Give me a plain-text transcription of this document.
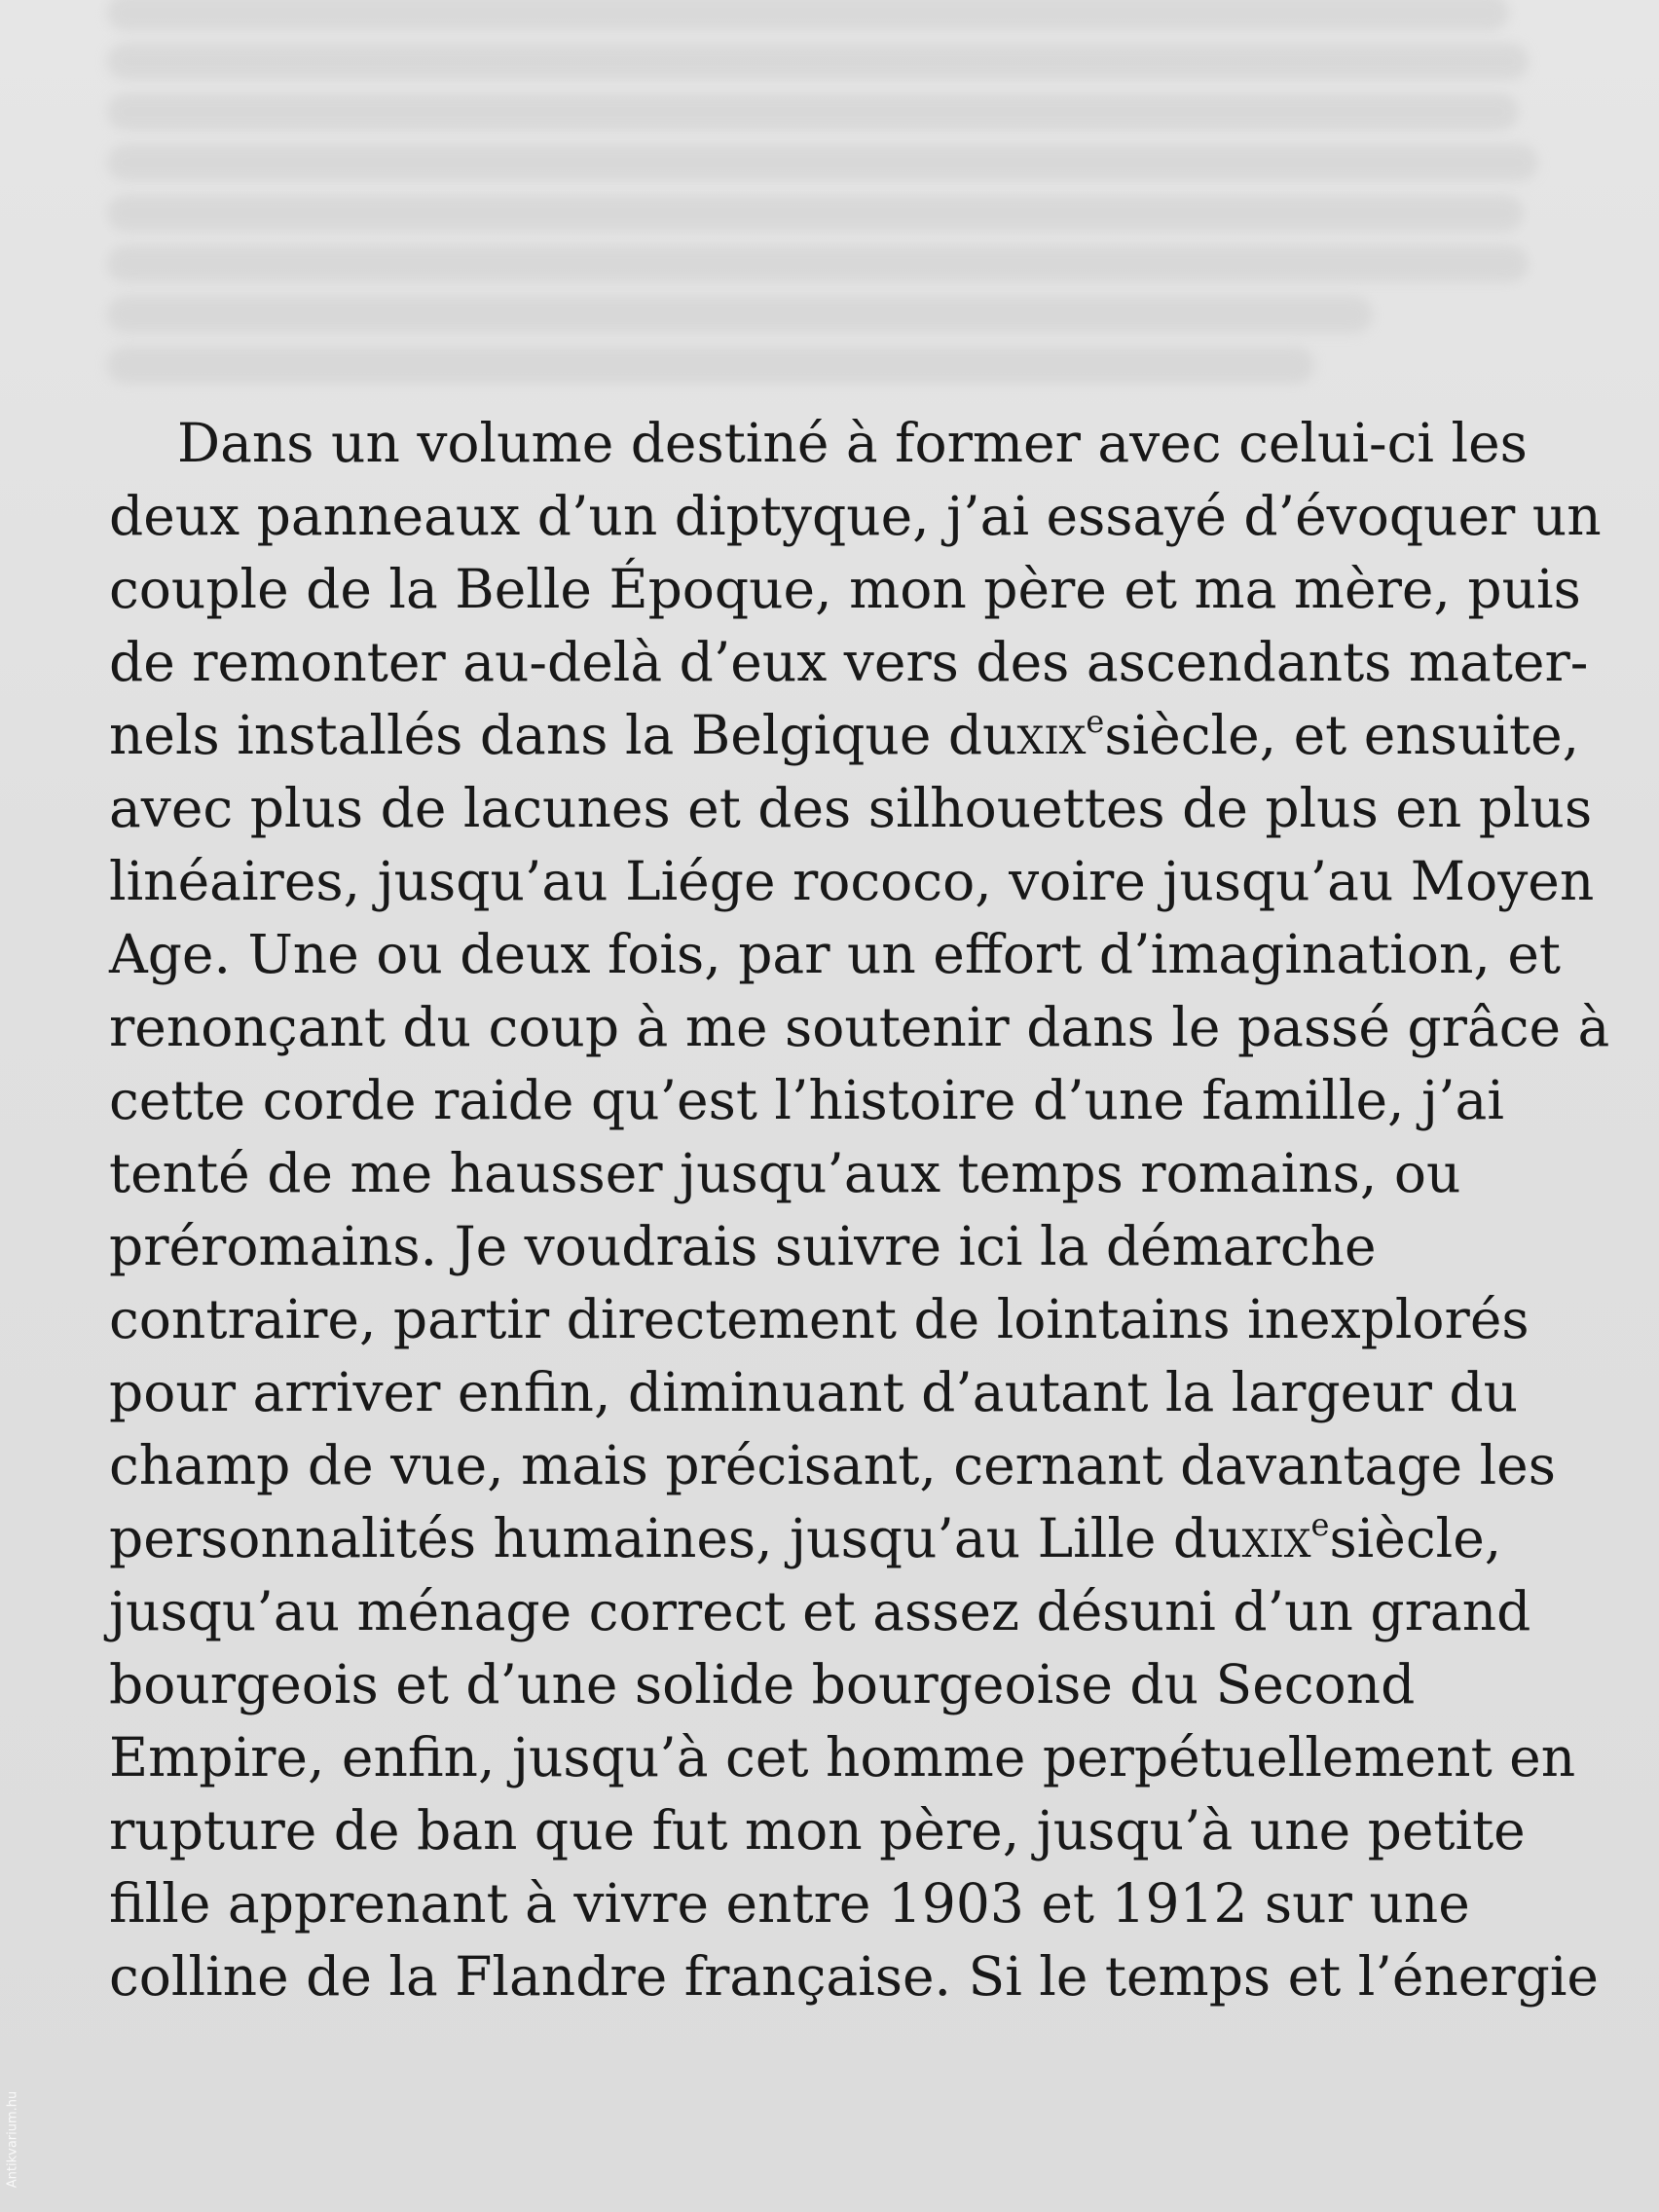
Dans un volume destiné à former avec celui-ci les
deux panneaux d’un diptyque, j’ai essayé d’évoquer un
couple de la Belle Époque, mon père et ma mère, puis
de remonter au-delà d’eux vers des ascendants mater-
nels installés dans la Belgique duxixesiècle, et ensuite,
avec plus de lacunes et des silhouettes de plus en plus
linéaires, jusqu’au Liége rococo, voire jusqu’au Moyen
Age. Une ou deux fois, par un effort d’imagination, et
renonçant du coup à me soutenir dans le passé grâce à
cette corde raide qu’est l’histoire d’une famille, j’ai
tenté de me hausser jusqu’aux temps romains, ou
préromains. Je voudrais suivre ici la démarche
contraire, partir directement de lointains inexplorés
pour arriver enfin, diminuant d’autant la largeur du
champ de vue, mais précisant, cernant davantage les
personnalités humaines, jusqu’au Lille duxixesiècle,
jusqu’au ménage correct et assez désuni d’un grand
bourgeois et d’une solide bourgeoise du Second
Empire, enfin, jusqu’à cet homme perpétuellement en
rupture de ban que fut mon père, jusqu’à une petite
fille apprenant à vivre entre 1903 et 1912 sur une
colline de la Flandre française. Si le temps et l’énergie
Antikvarium.hu
